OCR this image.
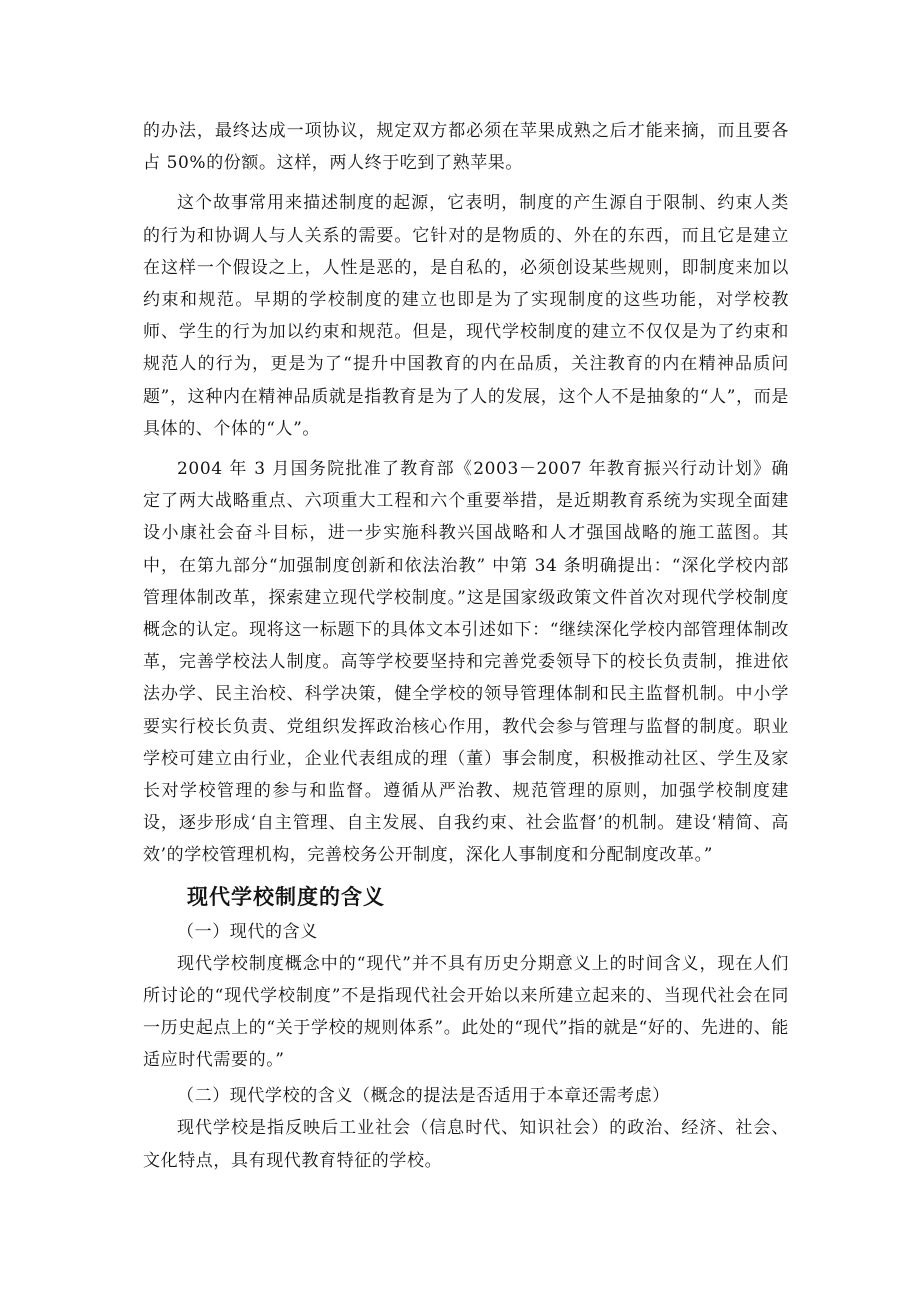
的办法，最终达成一项协议，规定双方都必须在苹果成熟之后才能来摘，而且要各占 50%的份额。这样，两人终于吃到了熟苹果。

这个故事常用来描述制度的起源，它表明，制度的产生源自于限制、约束人类的行为和协调人与人关系的需要。它针对的是物质的、外在的东西，而且它是建立在这样一个假设之上，人性是恶的，是自私的，必须创设某些规则，即制度来加以约束和规范。早期的学校制度的建立也即是为了实现制度的这些功能，对学校教师、学生的行为加以约束和规范。但是，现代学校制度的建立不仅仅是为了约束和规范人的行为，更是为了“提升中国教育的内在品质，关注教育的内在精神品质问题”，这种内在精神品质就是指教育是为了人的发展，这个人不是抽象的“人”，而是具体的、个体的“人”。

2004 年 3 月国务院批准了教育部《2003－2007 年教育振兴行动计划》确定了两大战略重点、六项重大工程和六个重要举措，是近期教育系统为实现全面建设小康社会奋斗目标，进一步实施科教兴国战略和人才强国战略的施工蓝图。其中，在第九部分“加强制度创新和依法治教” 中第 34 条明确提出：“深化学校内部管理体制改革，探索建立现代学校制度。”这是国家级政策文件首次对现代学校制度概念的认定。现将这一标题下的具体文本引述如下：“继续深化学校内部管理体制改革，完善学校法人制度。高等学校要坚持和完善党委领导下的校长负责制，推进依法办学、民主治校、科学决策，健全学校的领导管理体制和民主监督机制。中小学要实行校长负责、党组织发挥政治核心作用，教代会参与管理与监督的制度。职业学校可建立由行业，企业代表组成的理（董）事会制度，积极推动社区、学生及家长对学校管理的参与和监督。遵循从严治教、规范管理的原则，加强学校制度建设，逐步形成‘自主管理、自主发展、自我约束、社会监督’的机制。建设‘精简、高效’的学校管理机构，完善校务公开制度，深化人事制度和分配制度改革。”

现代学校制度的含义
（一）现代的含义

现代学校制度概念中的“现代”并不具有历史分期意义上的时间含义，现在人们所讨论的“现代学校制度”不是指现代社会开始以来所建立起来的、当现代社会在同一历史起点上的“关于学校的规则体系”。此处的“现代”指的就是“好的、先进的、能适应时代需要的。”

（二）现代学校的含义（概念的提法是否适用于本章还需考虑）

现代学校是指反映后工业社会（信息时代、知识社会）的政治、经济、社会、文化特点，具有现代教育特征的学校。
